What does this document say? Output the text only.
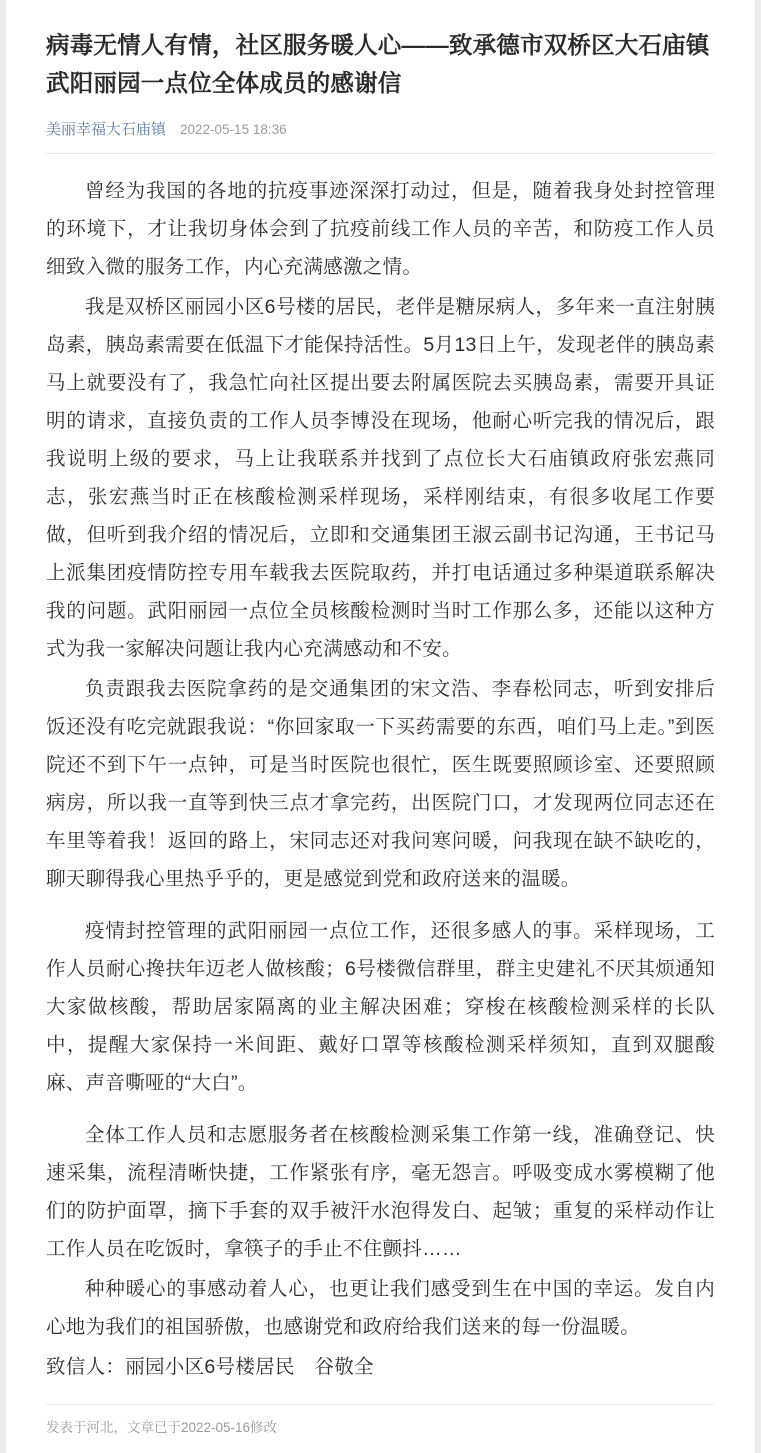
病毒无情人有情，社区服务暖人心——致承德市双桥区大石庙镇武阳丽园一点位全体成员的感谢信
美丽幸福大石庙镇 2022-05-15 18:36

曾经为我国的各地的抗疫事迹深深打动过，但是，随着我身处封控管理的环境下，才让我切身体会到了抗疫前线工作人员的辛苦，和防疫工作人员细致入微的服务工作，内心充满感激之情。

我是双桥区丽园小区6号楼的居民，老伴是糖尿病人，多年来一直注射胰岛素，胰岛素需要在低温下才能保持活性。5月13日上午，发现老伴的胰岛素马上就要没有了，我急忙向社区提出要去附属医院去买胰岛素，需要开具证明的请求，直接负责的工作人员李博没在现场，他耐心听完我的情况后，跟我说明上级的要求，马上让我联系并找到了点位长大石庙镇政府张宏燕同志，张宏燕当时正在核酸检测采样现场，采样刚结束，有很多收尾工作要做，但听到我介绍的情况后，立即和交通集团王淑云副书记沟通，王书记马上派集团疫情防控专用车载我去医院取药，并打电话通过多种渠道联系解决我的问题。武阳丽园一点位全员核酸检测时当时工作那么多，还能以这种方式为我一家解决问题让我内心充满感动和不安。

负责跟我去医院拿药的是交通集团的宋文浩、李春松同志，听到安排后饭还没有吃完就跟我说：“你回家取一下买药需要的东西，咱们马上走。”到医院还不到下午一点钟，可是当时医院也很忙，医生既要照顾诊室、还要照顾病房，所以我一直等到快三点才拿完药，出医院门口，才发现两位同志还在车里等着我！返回的路上，宋同志还对我问寒问暖，问我现在缺不缺吃的，聊天聊得我心里热乎乎的，更是感觉到党和政府送来的温暖。

疫情封控管理的武阳丽园一点位工作，还很多感人的事。采样现场，工作人员耐心搀扶年迈老人做核酸；6号楼微信群里，群主史建礼不厌其烦通知大家做核酸，帮助居家隔离的业主解决困难；穿梭在核酸检测采样的长队中，提醒大家保持一米间距、戴好口罩等核酸检测采样须知，直到双腿酸麻、声音嘶哑的“大白”。

全体工作人员和志愿服务者在核酸检测采集工作第一线，准确登记、快速采集，流程清晰快捷，工作紧张有序，毫无怨言。呼吸变成水雾模糊了他们的防护面罩，摘下手套的双手被汗水泡得发白、起皱；重复的采样动作让工作人员在吃饭时，拿筷子的手止不住颤抖……

种种暖心的事感动着人心，也更让我们感受到生在中国的幸运。发自内心地为我们的祖国骄傲，也感谢党和政府给我们送来的每一份温暖。

致信人：丽园小区6号楼居民　谷敬全

发表于河北，文章已于2022-05-16修改
